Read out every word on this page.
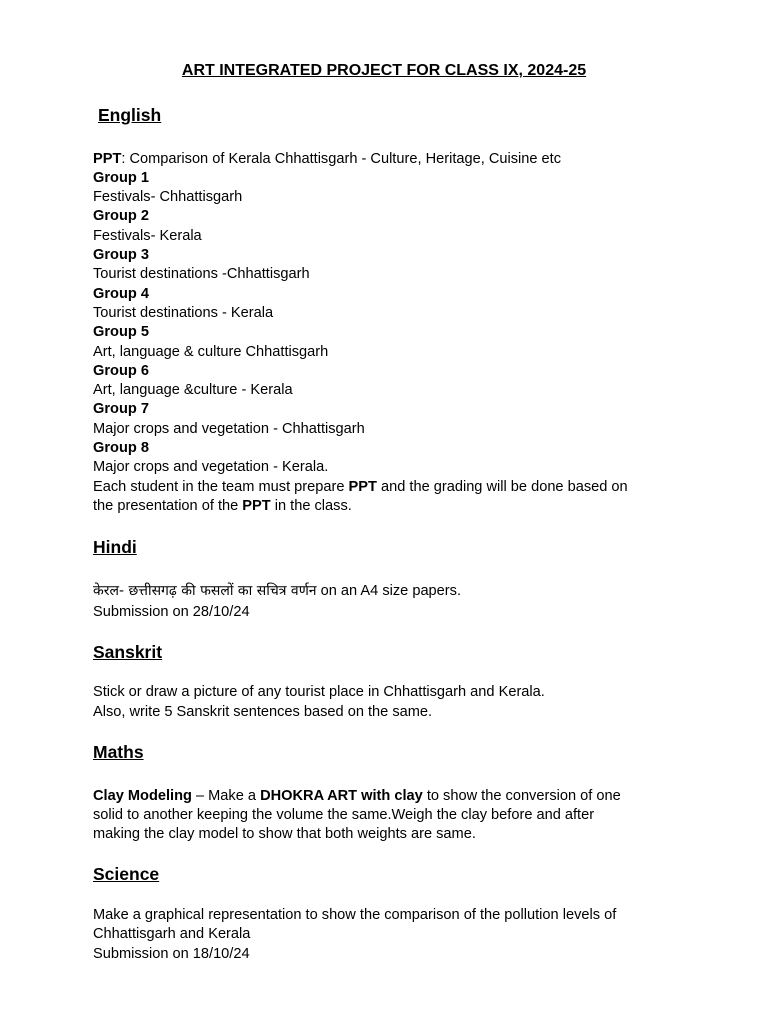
ART INTEGRATED PROJECT FOR CLASS IX, 2024-25
English
PPT: Comparison of Kerala Chhattisgarh - Culture, Heritage, Cuisine etc
Group 1
Festivals- Chhattisgarh
Group 2
Festivals- Kerala
Group 3
Tourist destinations -Chhattisgarh
Group 4
Tourist destinations - Kerala
Group 5
Art, language & culture Chhattisgarh
Group 6
Art, language &culture - Kerala
Group 7
Major crops and vegetation - Chhattisgarh
Group 8
Major crops and vegetation - Kerala.
Each student in the team must prepare PPT and the grading will be done based on
the presentation of the PPT in the class.
Hindi
केरल- छत्तीसगढ़ की फसलों का सचित्र वर्णन on an A4 size papers.
Submission on 28/10/24
Sanskrit
Stick or draw a picture of any tourist place in Chhattisgarh and Kerala.
Also, write 5 Sanskrit sentences based on the same.
Maths
Clay Modeling – Make a DHOKRA ART with clay to show the conversion of one
solid to another keeping the volume the same.Weigh the clay before and after
making the clay model to show that both weights are same.
Science
Make a graphical representation to show the comparison of the pollution levels of
Chhattisgarh and Kerala
Submission on 18/10/24
